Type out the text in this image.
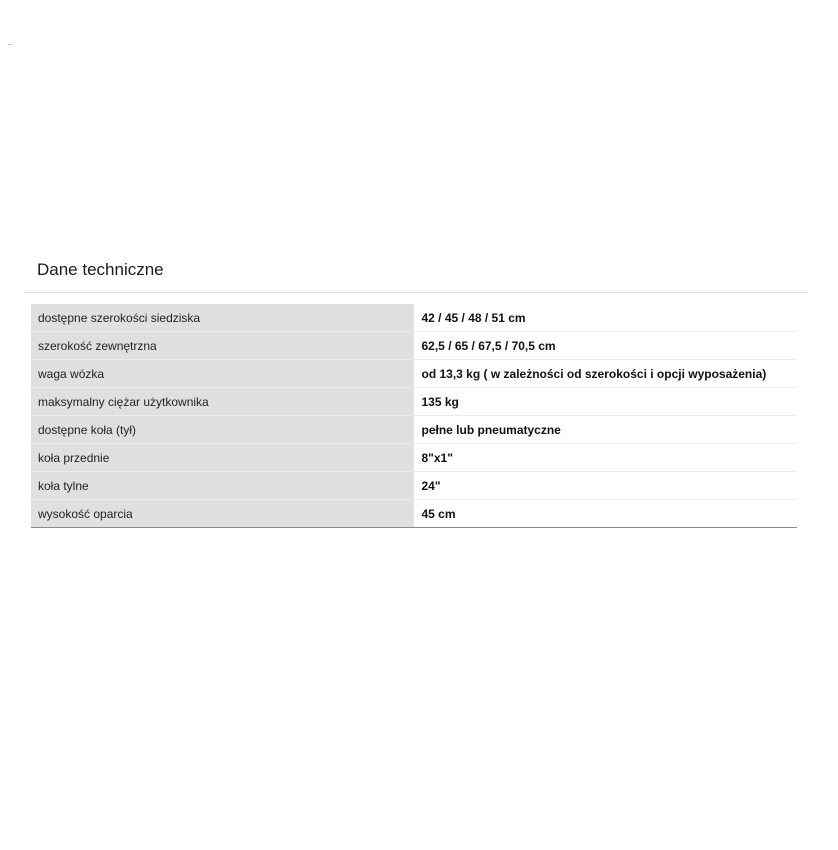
Dane techniczne
dostępne szerokości siedziska	42 / 45 / 48 / 51 cm
szerokość zewnętrzna	62,5 / 65 / 67,5 / 70,5 cm
waga wózka	od 13,3 kg ( w zależności od szerokości i opcji wyposażenia)
maksymalny ciężar użytkownika	135 kg
dostępne koła (tył)	pełne lub pneumatyczne
koła przednie	8"x1"
koła tylne	24"
wysokość oparcia	45 cm
